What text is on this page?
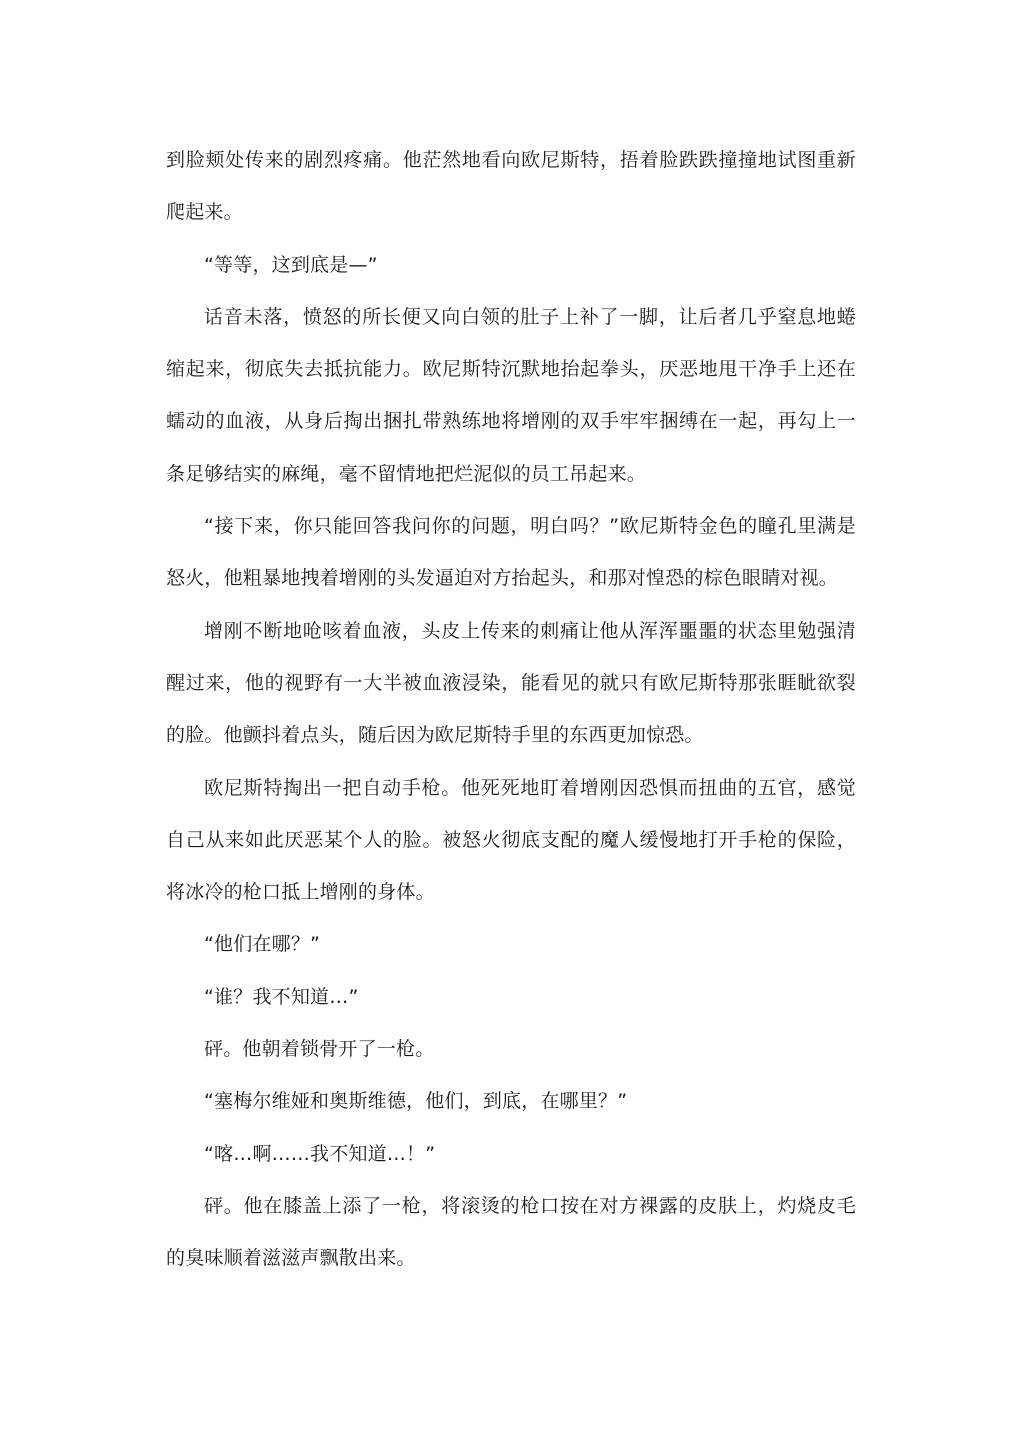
到脸颊处传来的剧烈疼痛。他茫然地看向欧尼斯特，捂着脸跌跌撞撞地试图重新爬起来。

“等等，这到底是—”

话音未落，愤怒的所长便又向白领的肚子上补了一脚，让后者几乎窒息地蜷缩起来，彻底失去抵抗能力。欧尼斯特沉默地抬起拳头，厌恶地甩干净手上还在蠕动的血液，从身后掏出捆扎带熟练地将增刚的双手牢牢捆缚在一起，再勾上一条足够结实的麻绳，毫不留情地把烂泥似的员工吊起来。

“接下来，你只能回答我问你的问题，明白吗？”欧尼斯特金色的瞳孔里满是怒火，他粗暴地拽着增刚的头发逼迫对方抬起头，和那对惶恐的棕色眼睛对视。

增刚不断地呛咳着血液，头皮上传来的刺痛让他从浑浑噩噩的状态里勉强清醒过来，他的视野有一大半被血液浸染，能看见的就只有欧尼斯特那张睚眦欲裂的脸。他颤抖着点头，随后因为欧尼斯特手里的东西更加惊恐。

欧尼斯特掏出一把自动手枪。他死死地盯着增刚因恐惧而扭曲的五官，感觉自己从来如此厌恶某个人的脸。被怒火彻底支配的魔人缓慢地打开手枪的保险，将冰冷的枪口抵上增刚的身体。

“他们在哪？”

“谁？我不知道…”

砰。他朝着锁骨开了一枪。

“塞梅尔维娅和奥斯维德，他们，到底，在哪里？”

“喀…啊……我不知道…！”

砰。他在膝盖上添了一枪，将滚烫的枪口按在对方裸露的皮肤上，灼烧皮毛的臭味顺着滋滋声飘散出来。
